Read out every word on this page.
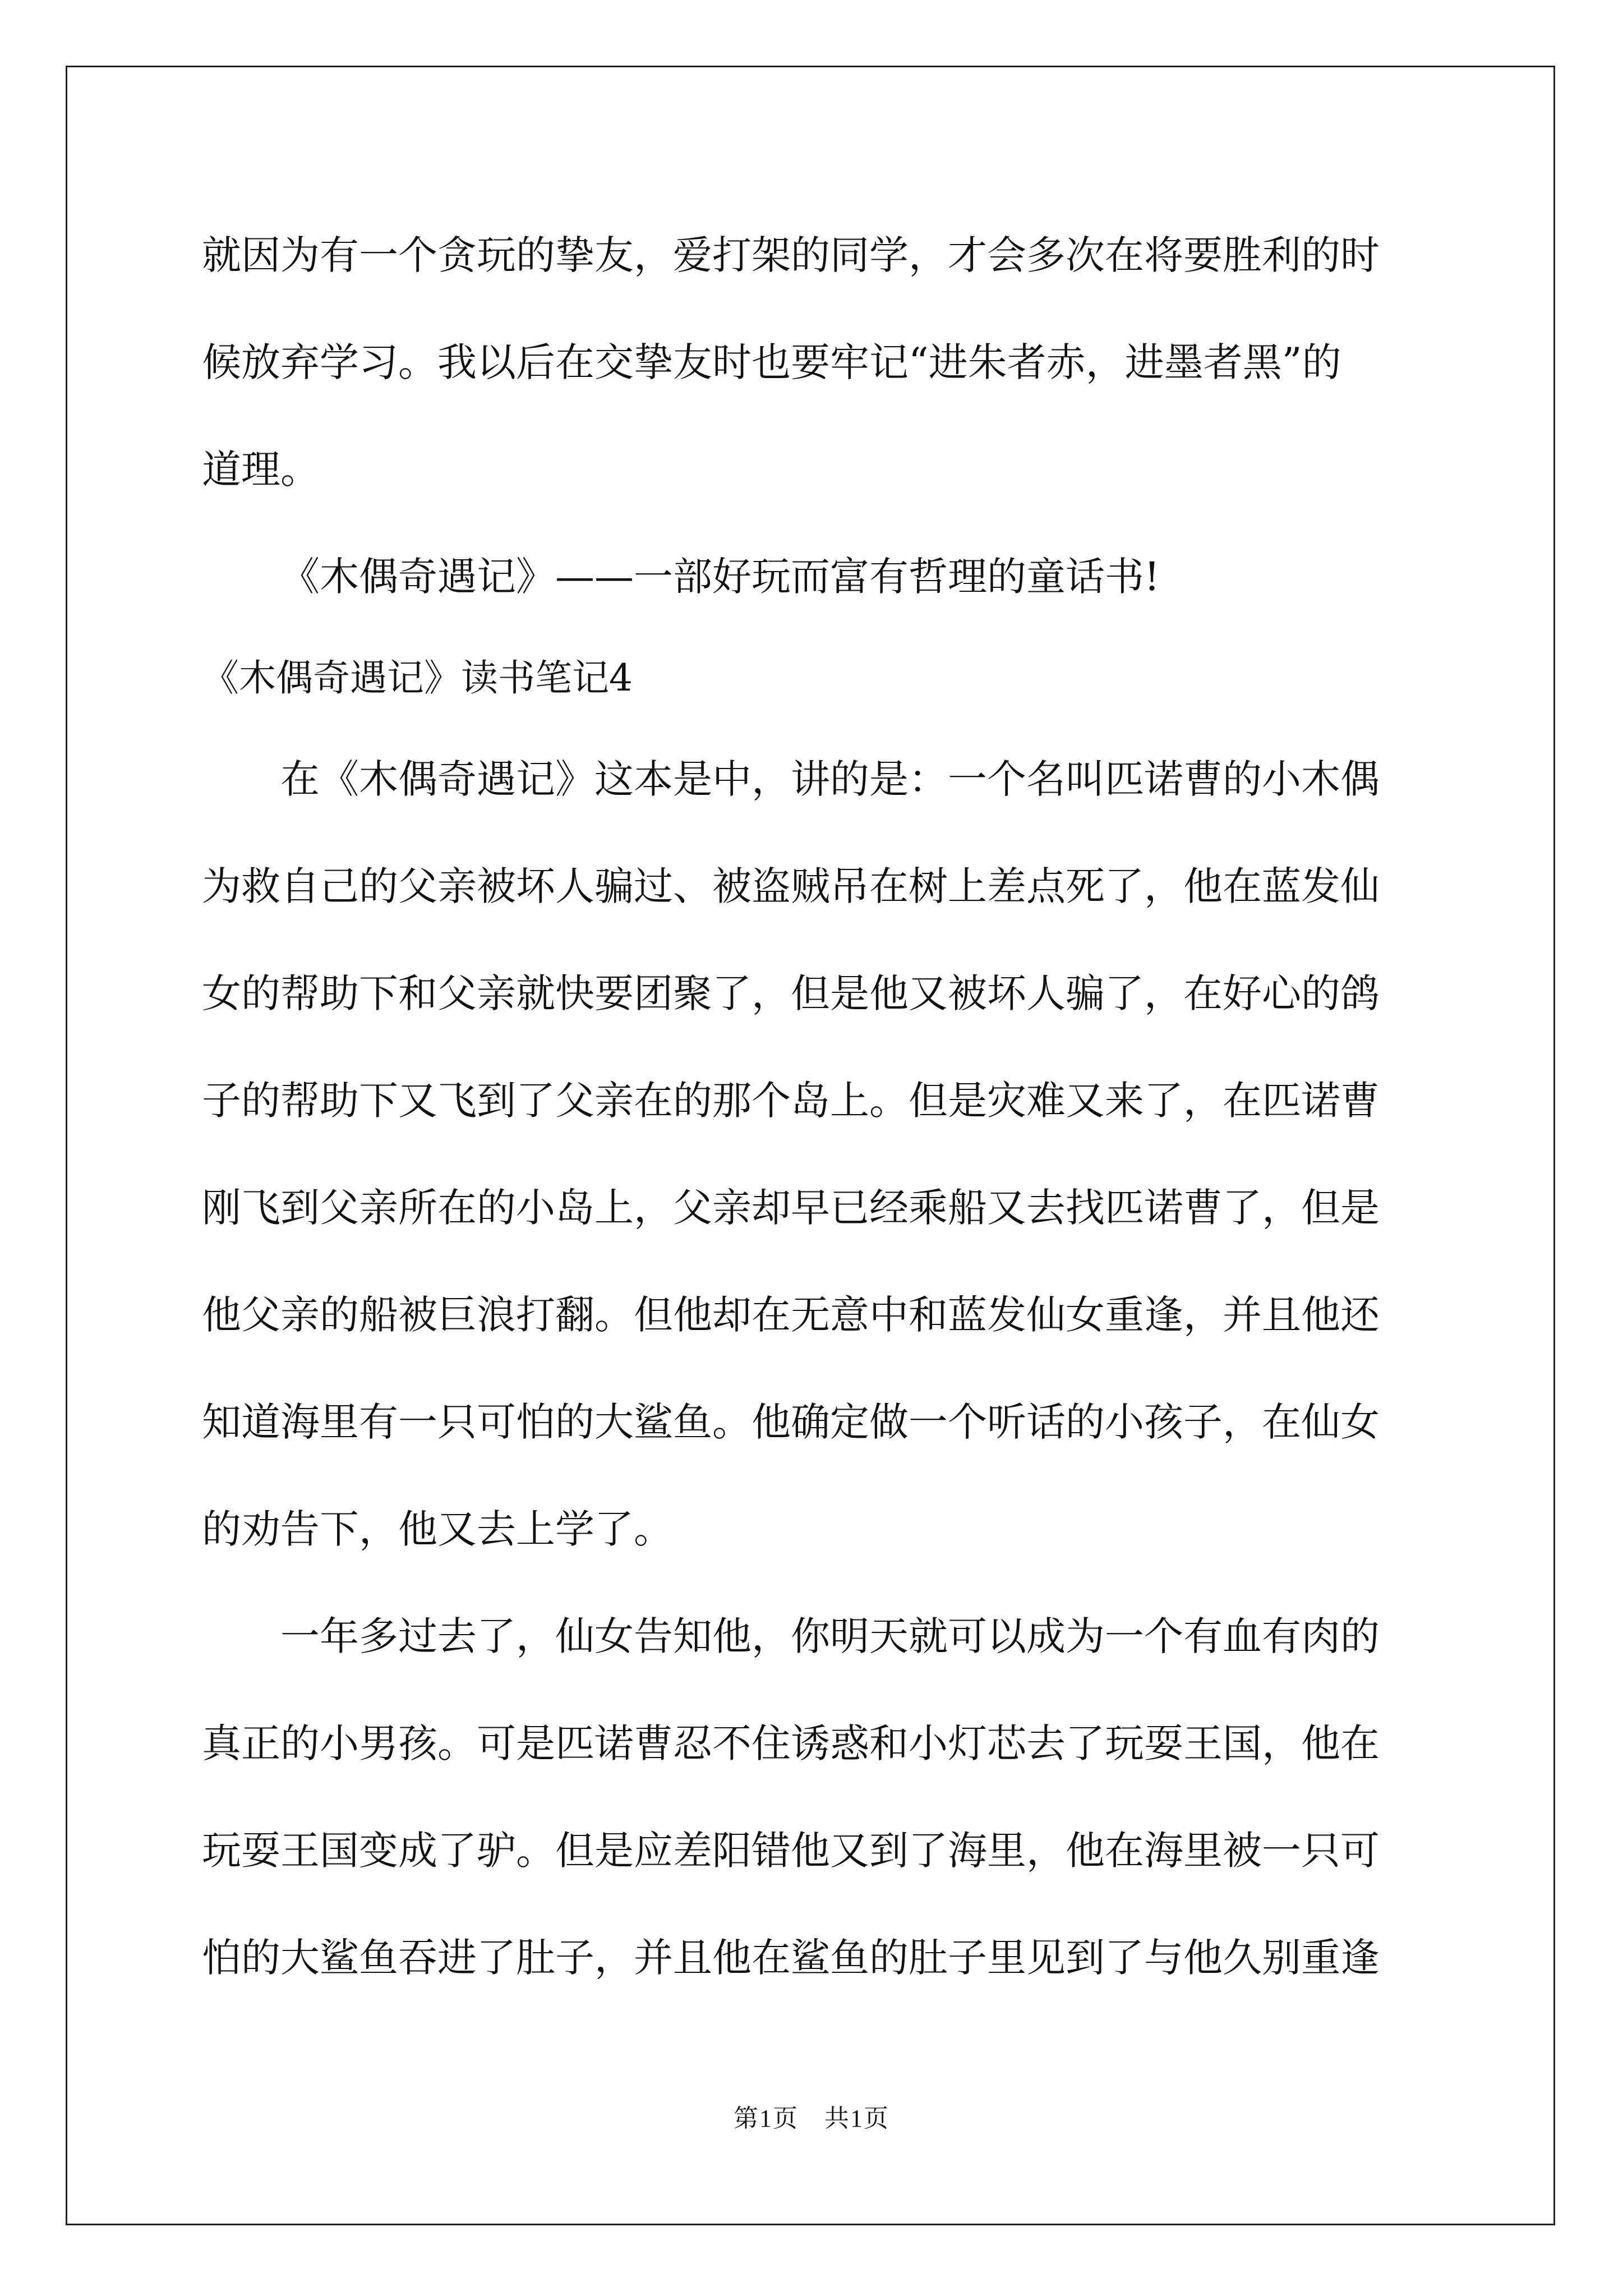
就因为有一个贪玩的挚友，爱打架的同学，才会多次在将要胜利的时
候放弃学习。我以后在交挚友时也要牢记“进朱者赤，进墨者黑”的
道理。
《木偶奇遇记》——一部好玩而富有哲理的童话书!
《木偶奇遇记》读书笔记4
在《木偶奇遇记》这本是中，讲的是：一个名叫匹诺曹的小木偶
为救自己的父亲被坏人骗过、被盗贼吊在树上差点死了，他在蓝发仙
女的帮助下和父亲就快要团聚了，但是他又被坏人骗了，在好心的鸽
子的帮助下又飞到了父亲在的那个岛上。但是灾难又来了，在匹诺曹
刚飞到父亲所在的小岛上，父亲却早已经乘船又去找匹诺曹了，但是
他父亲的船被巨浪打翻。但他却在无意中和蓝发仙女重逢，并且他还
知道海里有一只可怕的大鲨鱼。他确定做一个听话的小孩子，在仙女
的劝告下，他又去上学了。
一年多过去了，仙女告知他，你明天就可以成为一个有血有肉的
真正的小男孩。可是匹诺曹忍不住诱惑和小灯芯去了玩耍王国，他在
玩耍王国变成了驴。但是应差阳错他又到了海里，他在海里被一只可
怕的大鲨鱼吞进了肚子，并且他在鲨鱼的肚子里见到了与他久别重逢
第1页　共1页
